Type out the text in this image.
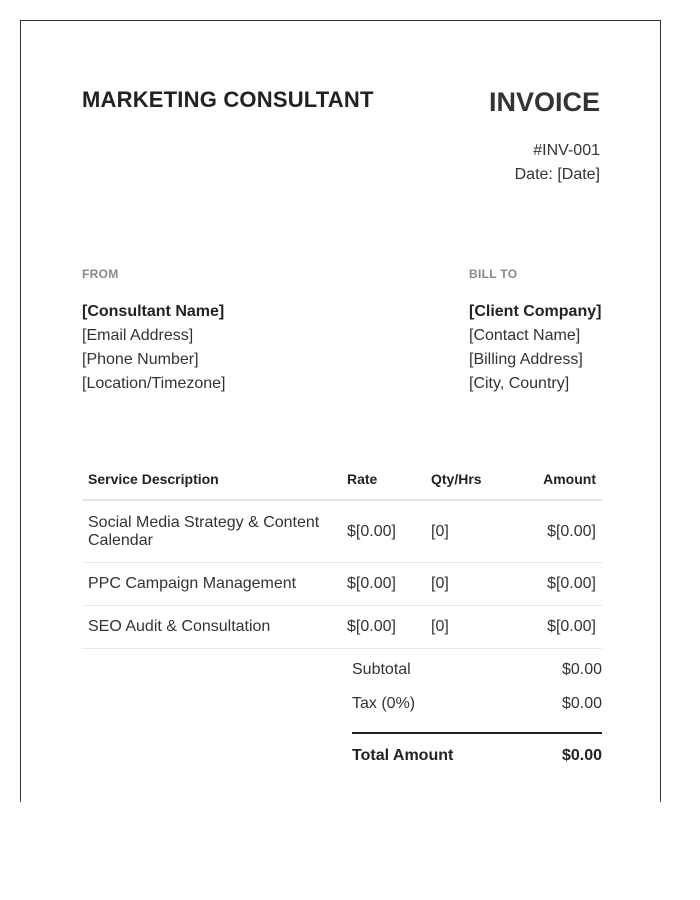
MARKETING CONSULTANT	INVOICE
#INV-001
Date: [Date]
FROM
[Consultant Name]
[Email Address]
[Phone Number]
[Location/Timezone]
BILL TO
[Client Company]
[Contact Name]
[Billing Address]
[City, Country]
Service Description	Rate	Qty/Hrs	Amount
Social Media Strategy & Content Calendar	$[0.00]	[0]	$[0.00]
PPC Campaign Management	$[0.00]	[0]	$[0.00]
SEO Audit & Consultation	$[0.00]	[0]	$[0.00]
Subtotal	$0.00
Tax (0%)	$0.00
Total Amount	$0.00
